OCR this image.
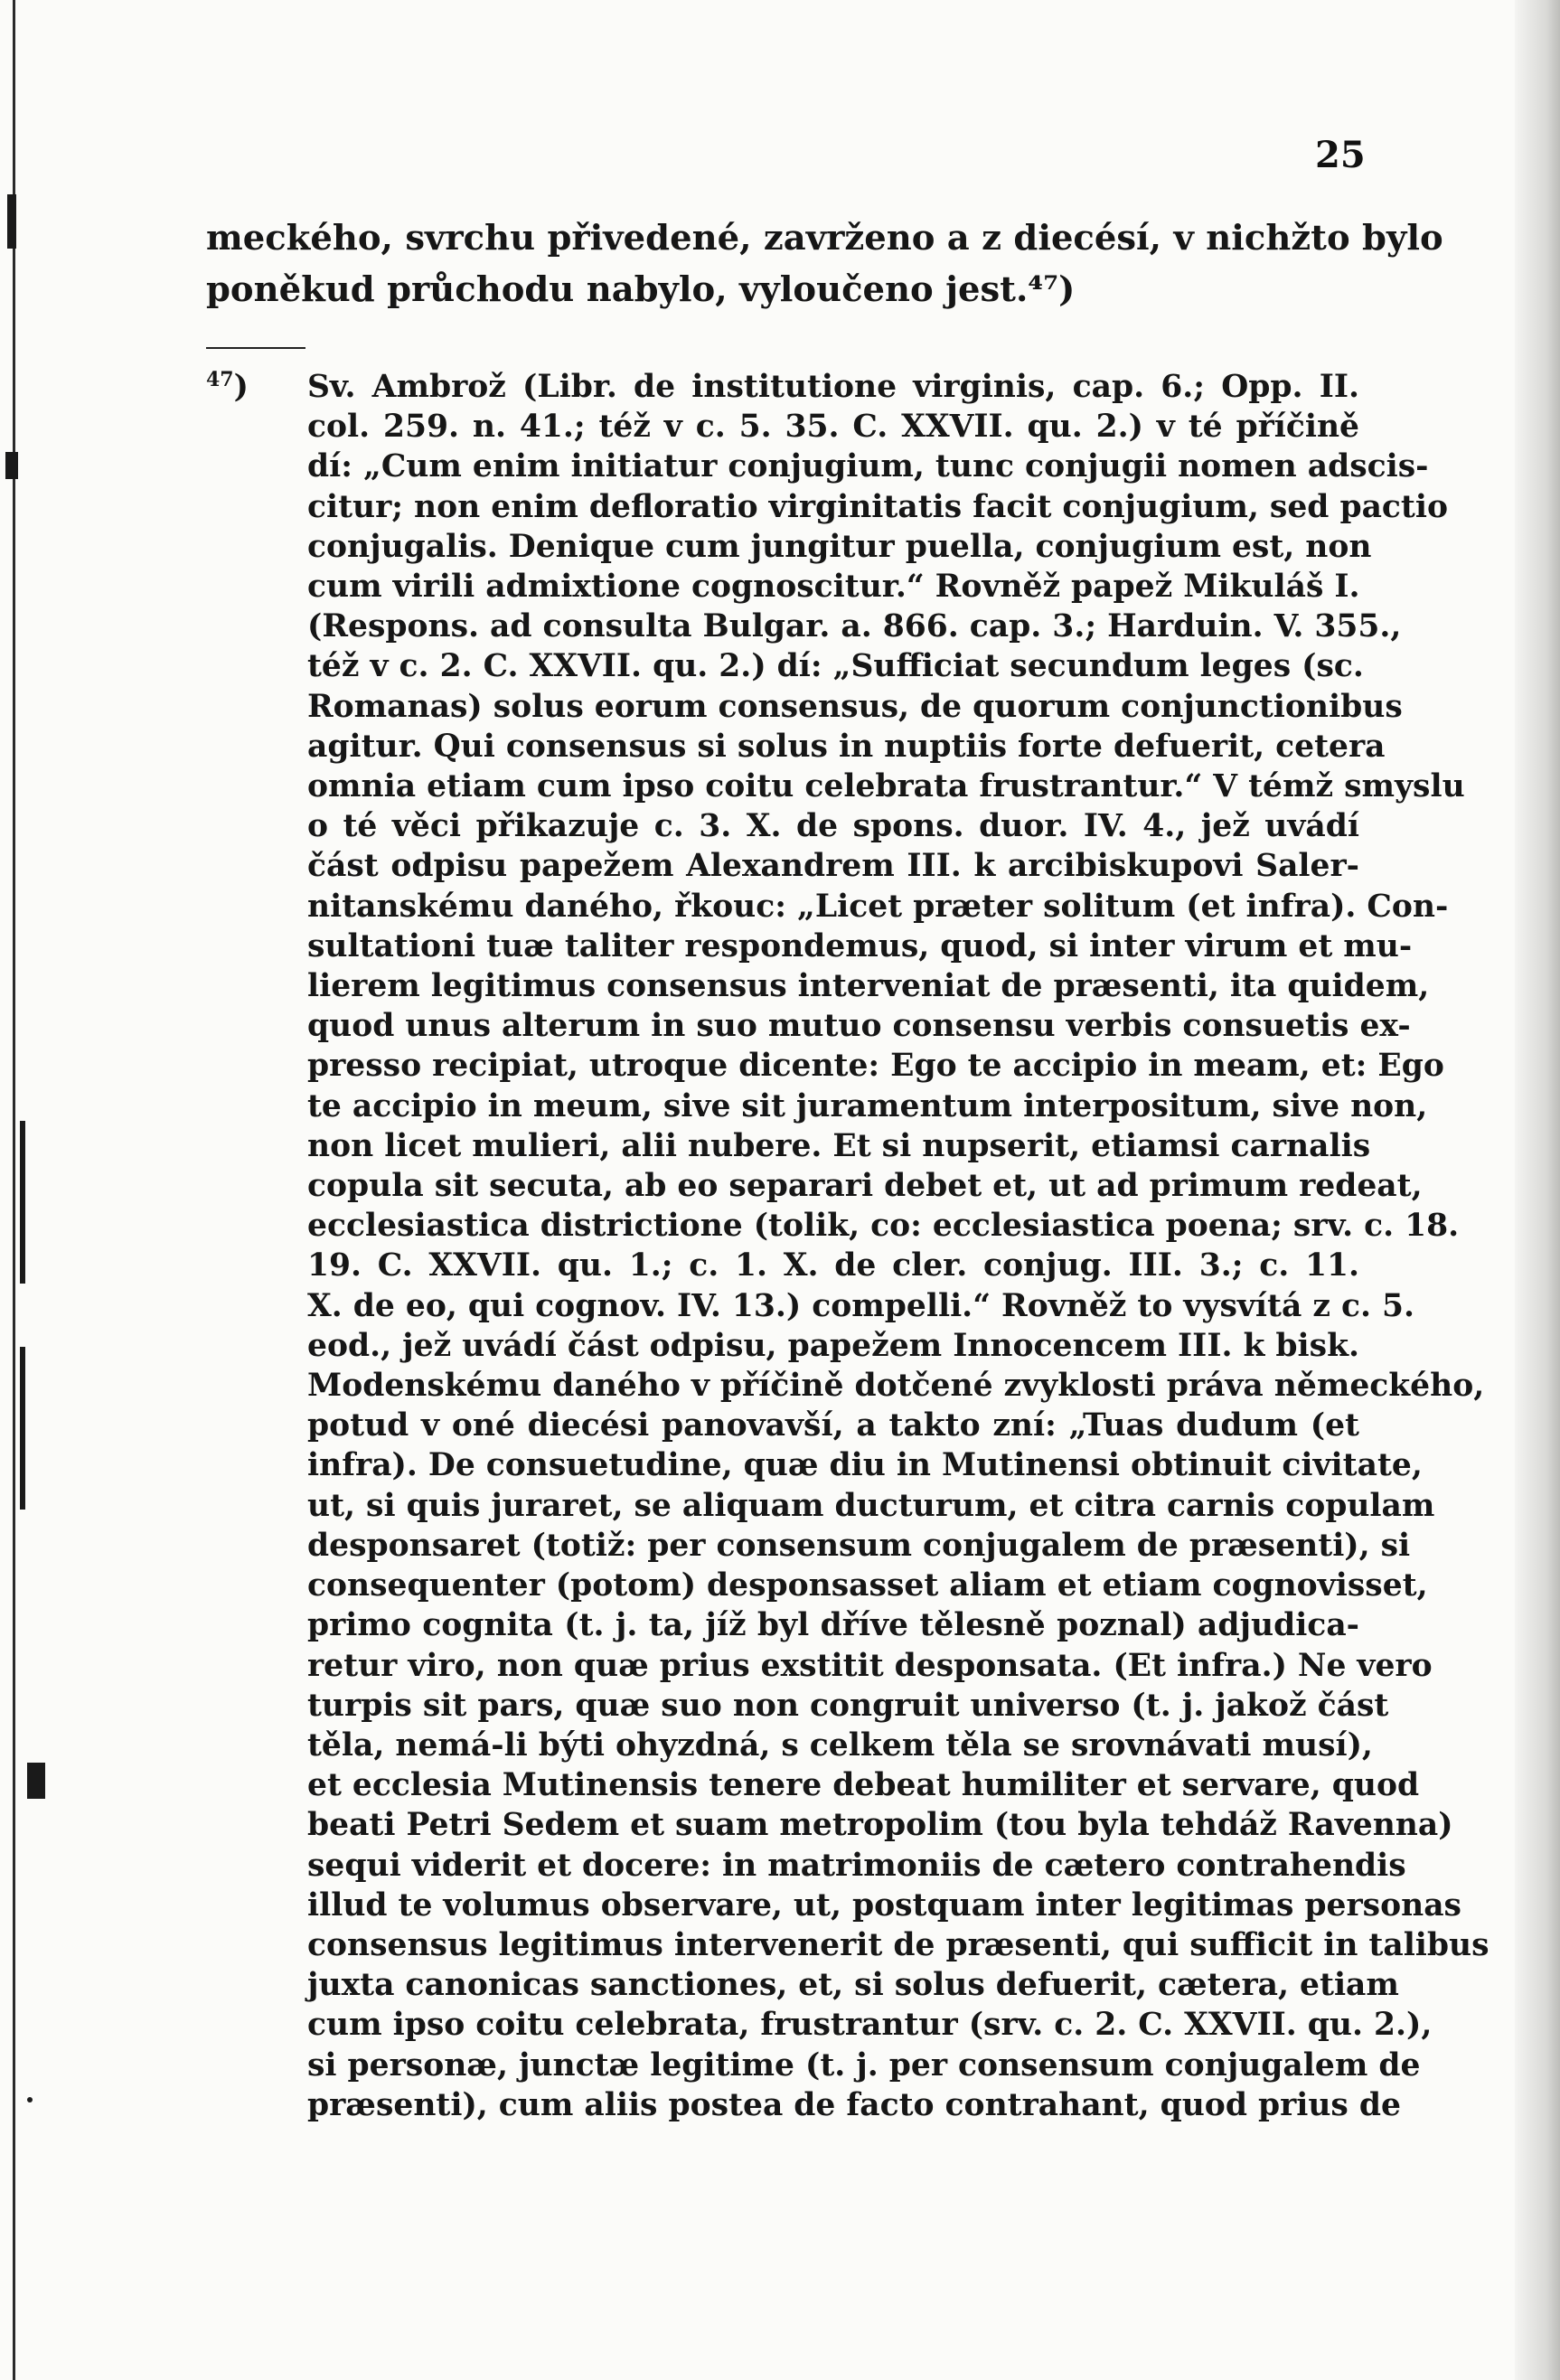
25
meckého, svrchu přivedené, zavrženo a z diecésí, v nichžto bylo
poněkud průchodu nabylo, vyloučeno jest.⁴⁷)
$^{47}$) Sv. Ambrož (Libr. de institutione virginis, cap. 6.; Opp. II.
col. 259. n. 41.; též v c. 5. 35. C. XXVII. qu. 2.) v té příčině
dí: „Cum enim initiatur conjugium, tunc conjugii nomen adscis-
citur; non enim defloratio virginitatis facit conjugium, sed pactio
conjugalis. Denique cum jungitur puella, conjugium est, non
cum virili admixtione cognoscitur.“ Rovněž papež Mikuláš I.
(Respons. ad consulta Bulgar. a. 866. cap. 3.; Harduin. V. 355.,
též v c. 2. C. XXVII. qu. 2.) dí: „Sufficiat secundum leges (sc.
Romanas) solus eorum consensus, de quorum conjunctionibus
agitur. Qui consensus si solus in nuptiis forte defuerit, cetera
omnia etiam cum ipso coitu celebrata frustrantur.“ V témž smyslu
o té věci přikazuje c. 3. X. de spons. duor. IV. 4., jež uvádí
část odpisu papežem Alexandrem III. k arcibiskupovi Saler-
nitanskému daného, řkouc: „Licet præter solitum (et infra). Con-
sultationi tuæ taliter respondemus, quod, si inter virum et mu-
lierem legitimus consensus interveniat de præsenti, ita quidem,
quod unus alterum in suo mutuo consensu verbis consuetis ex-
presso recipiat, utroque dicente: Ego te accipio in meam, et: Ego
te accipio in meum, sive sit juramentum interpositum, sive non,
non licet mulieri, alii nubere. Et si nupserit, etiamsi carnalis
copula sit secuta, ab eo separari debet et, ut ad primum redeat,
ecclesiastica districtione (tolik, co: ecclesiastica poena; srv. c. 18.
19. C. XXVII. qu. 1.; c. 1. X. de cler. conjug. III. 3.; c. 11.
X. de eo, qui cognov. IV. 13.) compelli.“ Rovněž to vysvítá z c. 5.
eod., jež uvádí část odpisu, papežem Innocencem III. k bisk.
Modenskému daného v příčině dotčené zvyklosti práva německého,
potud v oné diecési panovavší, a takto zní: „Tuas dudum (et
infra). De consuetudine, quæ diu in Mutinensi obtinuit civitate,
ut, si quis juraret, se aliquam ducturum, et citra carnis copulam
desponsaret (totiž: per consensum conjugalem de præsenti), si
consequenter (potom) desponsasset aliam et etiam cognovisset,
primo cognita (t. j. ta, jíž byl dříve tělesně poznal) adjudica-
retur viro, non quæ prius exstitit desponsata. (Et infra.) Ne vero
turpis sit pars, quæ suo non congruit universo (t. j. jakož část
těla, nemá-li býti ohyzdná, s celkem těla se srovnávati musí),
et ecclesia Mutinensis tenere debeat humiliter et servare, quod
beati Petri Sedem et suam metropolim (tou byla tehdáž Ravenna)
sequi viderit et docere: in matrimoniis de cætero contrahendis
illud te volumus observare, ut, postquam inter legitimas personas
consensus legitimus intervenerit de præsenti, qui sufficit in talibus
juxta canonicas sanctiones, et, si solus defuerit, cætera, etiam
cum ipso coitu celebrata, frustrantur (srv. c. 2. C. XXVII. qu. 2.),
si personæ, junctæ legitime (t. j. per consensum conjugalem de
præsenti), cum aliis postea de facto contrahant, quod prius de
